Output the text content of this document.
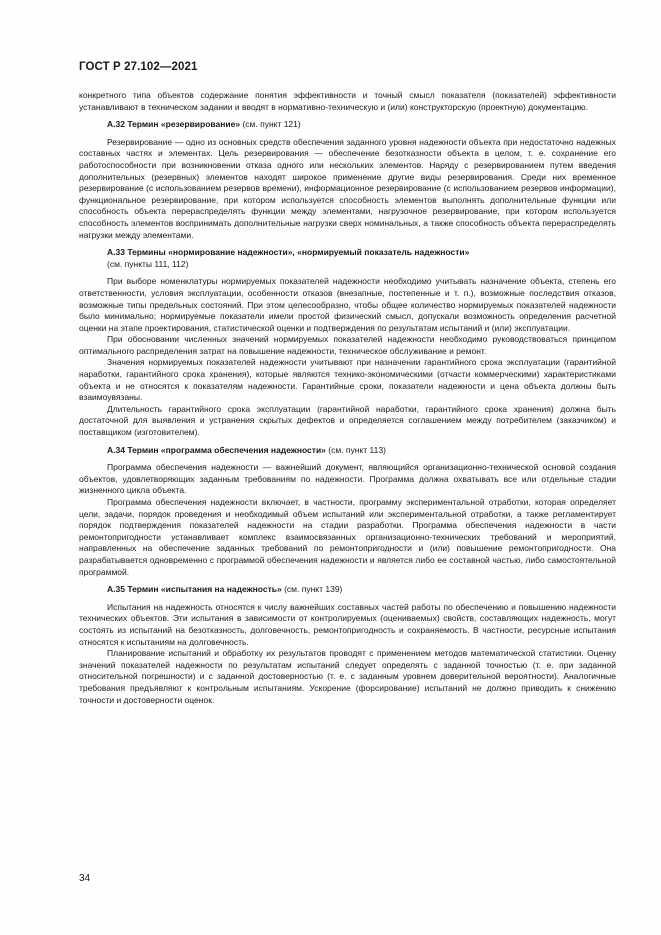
ГОСТ Р 27.102—2021

конкретного типа объектов содержание понятия эффективности и точный смысл показателя (показателей) эффективности устанавливают в техническом задании и вводят в нормативно-техническую и (или) конструкторскую (проектную) документацию.

А.32 Термин «резервирование» (см. пункт 121)

Резервирование — одно из основных средств обеспечения заданного уровня надежности объекта при недостаточно надежных составных частях и элементах. Цель резервирования — обеспечение безотказности объекта в целом, т. е. сохранение его работоспособности при возникновении отказа одного или нескольких элементов. Наряду с резервированием путем введения дополнительных (резервных) элементов находят широкое применение другие виды резервирования. Среди них временное резервирование (с использованием резервов времени), информационное резервирование (с использованием резервов информации), функциональное резервирование, при котором используется способность элементов выполнять дополнительные функции или способность объекта перераспределять функции между элементами, нагрузочное резервирование, при котором используется способность элементов воспринимать дополнительные нагрузки сверх номинальных, а также способность объекта перераспределять нагрузки между элементами.

А.33 Термины «нормирование надежности», «нормируемый показатель надежности»
(см. пункты 111, 112)

При выборе номенклатуры нормируемых показателей надежности необходимо учитывать назначение объекта, степень его ответственности, условия эксплуатации, особенности отказов (внезапные, постепенные и т. п.), возможные последствия отказов, возможные типы предельных состояний. При этом целесообразно, чтобы общее количество нормируемых показателей надежности было минимально; нормируемые показатели имели простой физический смысл, допускали возможность определения расчетной оценки на этапе проектирования, статистической оценки и подтверждения по результатам испытаний и (или) эксплуатации.

При обосновании численных значений нормируемых показателей надежности необходимо руководствоваться принципом оптимального распределения затрат на повышение надежности, техническое обслуживание и ремонт.

Значения нормируемых показателей надежности учитывают при назначении гарантийного срока эксплуатации (гарантийной наработки, гарантийного срока хранения), которые являются технико-экономическими (отчасти коммерческими) характеристиками объекта и не относятся к показателям надежности. Гарантийные сроки, показатели надежности и цена объекта должны быть взаимоувязаны.

Длительность гарантийного срока эксплуатации (гарантийной наработки, гарантийного срока хранения) должна быть достаточной для выявления и устранения скрытых дефектов и определяется соглашением между потребителем (заказчиком) и поставщиком (изготовителем).

А.34 Термин «программа обеспечения надежности» (см. пункт 113)

Программа обеспечения надежности — важнейший документ, являющийся организационно-технической основой создания объектов, удовлетворяющих заданным требованиям по надежности. Программа должна охватывать все или отдельные стадии жизненного цикла объекта.

Программа обеспечения надежности включает, в частности, программу экспериментальной отработки, которая определяет цели, задачи, порядок проведения и необходимый объем испытаний или экспериментальной отработки, а также регламентирует порядок подтверждения показателей надежности на стадии разработки. Программа обеспечения надежности в части ремонтопригодности устанавливает комплекс взаимосвязанных организационно-технических требований и мероприятий, направленных на обеспечение заданных требований по ремонтопригодности и (или) повышение ремонтопригодности. Она разрабатывается одновременно с программой обеспечения надежности и является либо ее составной частью, либо самостоятельной программой.

А.35 Термин «испытания на надежность» (см. пункт 139)

Испытания на надежность относятся к числу важнейших составных частей работы по обеспечению и повышению надежности технических объектов. Эти испытания в зависимости от контролируемых (оцениваемых) свойств, составляющих надежность, могут состоять из испытаний на безотказность, долговечность, ремонтопригодность и сохраняемость. В частности, ресурсные испытания относятся к испытаниям на долговечность.

Планирование испытаний и обработку их результатов проводят с применением методов математической статистики. Оценку значений показателей надежности по результатам испытаний следует определять с заданной точностью (т. е. при заданной относительной погрешности) и с заданной достоверностью (т. е. с заданным уровнем доверительной вероятности). Аналогичные требования предъявляют к контрольным испытаниям. Ускорение (форсирование) испытаний не должно приводить к снижению точности и достоверности оценок.

34
